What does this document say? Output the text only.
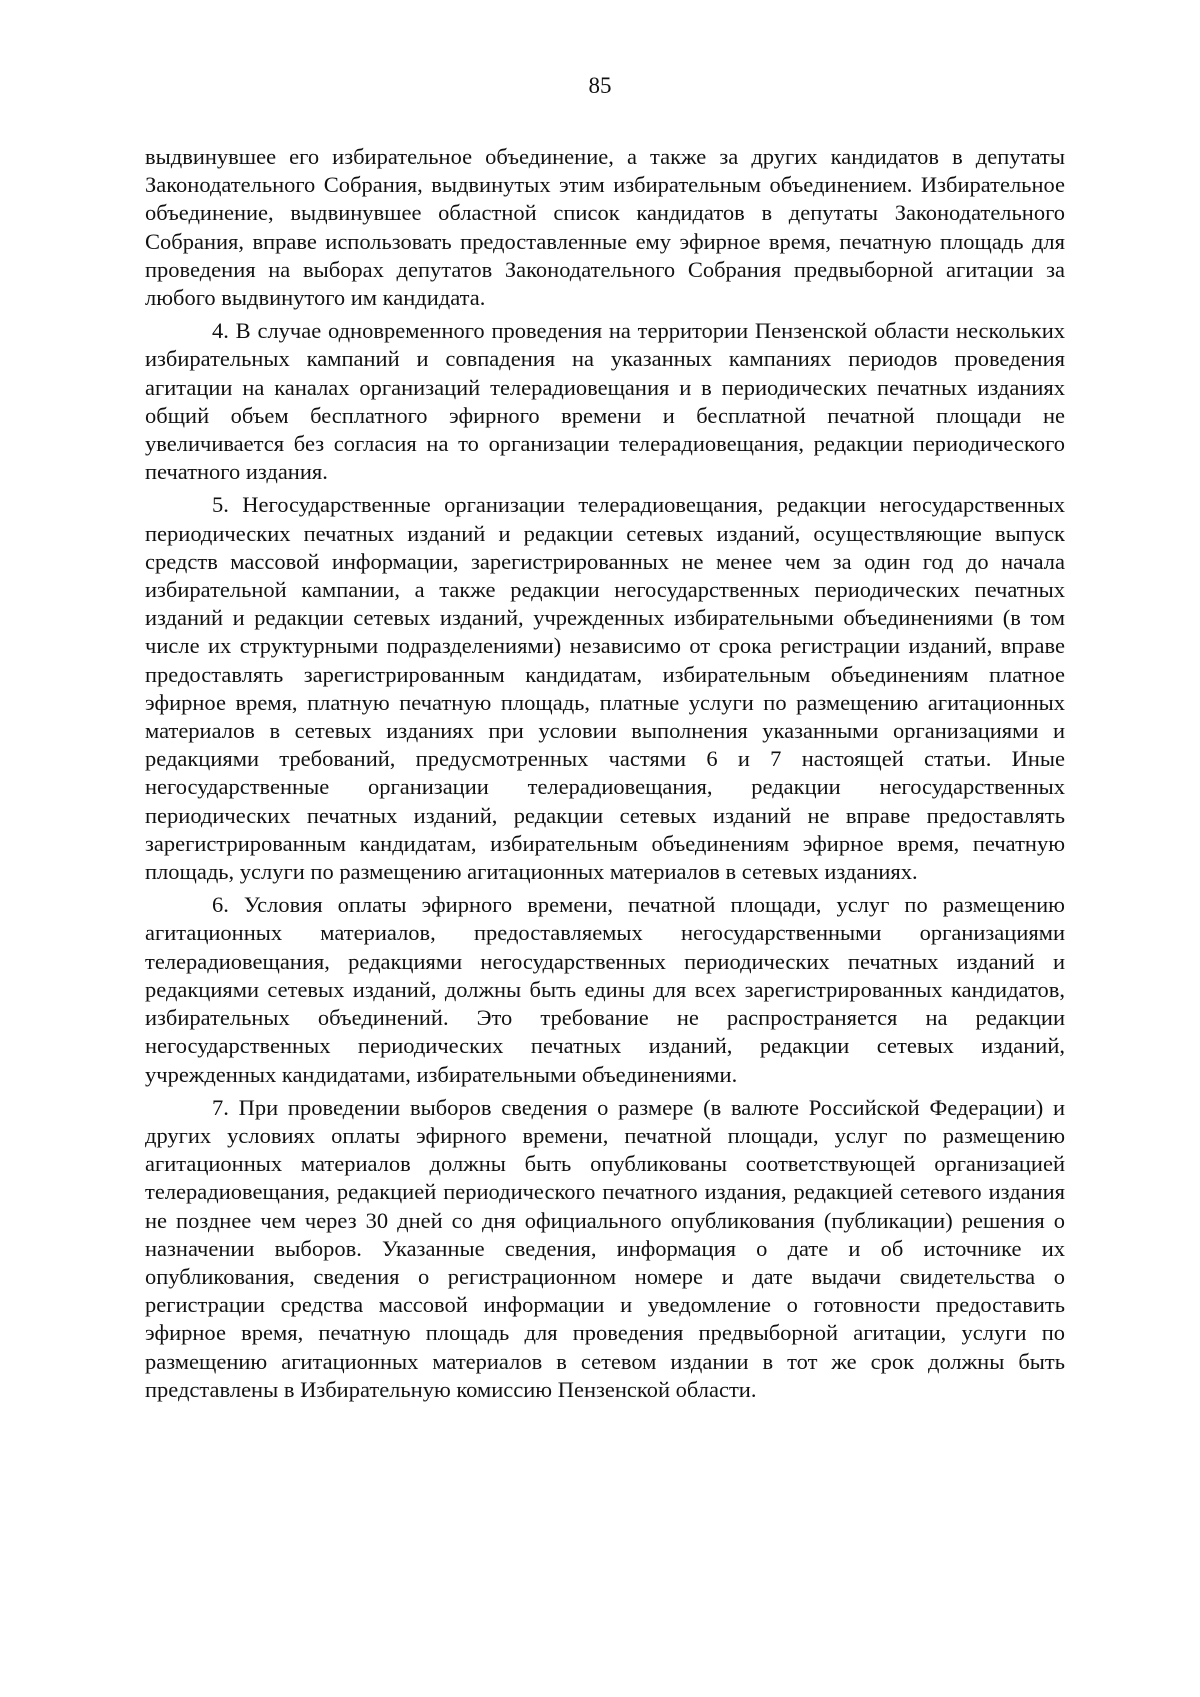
85

выдвинувшее его избирательное объединение, а также за других кандидатов в депутаты Законодательного Собрания, выдвинутых этим избирательным объединением. Избирательное объединение, выдвинувшее областной список кандидатов в депутаты Законодательного Собрания, вправе использовать предоставленные ему эфирное время, печатную площадь для проведения на выборах депутатов Законодательного Собрания предвыборной агитации за любого выдвинутого им кандидата.

4. В случае одновременного проведения на территории Пензенской области нескольких избирательных кампаний и совпадения на указанных кампаниях периодов проведения агитации на каналах организаций телерадиовещания и в периодических печатных изданиях общий объем бесплатного эфирного времени и бесплатной печатной площади не увеличивается без согласия на то организации телерадиовещания, редакции периодического печатного издания.

5. Негосударственные организации телерадиовещания, редакции негосударственных периодических печатных изданий и редакции сетевых изданий, осуществляющие выпуск средств массовой информации, зарегистрированных не менее чем за один год до начала избирательной кампании, а также редакции негосударственных периодических печатных изданий и редакции сетевых изданий, учрежденных избирательными объединениями (в том числе их структурными подразделениями) независимо от срока регистрации изданий, вправе предоставлять зарегистрированным кандидатам, избирательным объединениям платное эфирное время, платную печатную площадь, платные услуги по размещению агитационных материалов в сетевых изданиях при условии выполнения указанными организациями и редакциями требований, предусмотренных частями 6 и 7 настоящей статьи. Иные негосударственные организации телерадиовещания, редакции негосударственных периодических печатных изданий, редакции сетевых изданий не вправе предоставлять зарегистрированным кандидатам, избирательным объединениям эфирное время, печатную площадь, услуги по размещению агитационных материалов в сетевых изданиях.

6. Условия оплаты эфирного времени, печатной площади, услуг по размещению агитационных материалов, предоставляемых негосударственными организациями телерадиовещания, редакциями негосударственных периодических печатных изданий и редакциями сетевых изданий, должны быть едины для всех зарегистрированных кандидатов, избирательных объединений. Это требование не распространяется на редакции негосударственных периодических печатных изданий, редакции сетевых изданий, учрежденных кандидатами, избирательными объединениями.

7. При проведении выборов сведения о размере (в валюте Российской Федерации) и других условиях оплаты эфирного времени, печатной площади, услуг по размещению агитационных материалов должны быть опубликованы соответствующей организацией телерадиовещания, редакцией периодического печатного издания, редакцией сетевого издания не позднее чем через 30 дней со дня официального опубликования (публикации) решения о назначении выборов. Указанные сведения, информация о дате и об источнике их опубликования, сведения о регистрационном номере и дате выдачи свидетельства о регистрации средства массовой информации и уведомление о готовности предоставить эфирное время, печатную площадь для проведения предвыборной агитации, услуги по размещению агитационных материалов в сетевом издании в тот же срок должны быть представлены в Избирательную комиссию Пензенской области.
